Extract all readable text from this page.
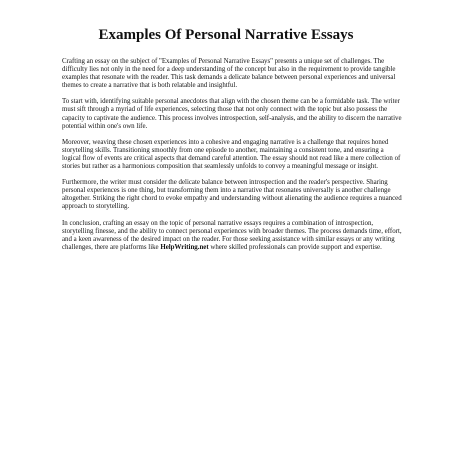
Examples Of Personal Narrative Essays

Crafting an essay on the subject of "Examples of Personal Narrative Essays" presents a unique set of challenges. The difficulty lies not only in the need for a deep understanding of the concept but also in the requirement to provide tangible examples that resonate with the reader. This task demands a delicate balance between personal experiences and universal themes to create a narrative that is both relatable and insightful.

To start with, identifying suitable personal anecdotes that align with the chosen theme can be a formidable task. The writer must sift through a myriad of life experiences, selecting those that not only connect with the topic but also possess the capacity to captivate the audience. This process involves introspection, self-analysis, and the ability to discern the narrative potential within one's own life.

Moreover, weaving these chosen experiences into a cohesive and engaging narrative is a challenge that requires honed storytelling skills. Transitioning smoothly from one episode to another, maintaining a consistent tone, and ensuring a logical flow of events are critical aspects that demand careful attention. The essay should not read like a mere collection of stories but rather as a harmonious composition that seamlessly unfolds to convey a meaningful message or insight.

Furthermore, the writer must consider the delicate balance between introspection and the reader's perspective. Sharing personal experiences is one thing, but transforming them into a narrative that resonates universally is another challenge altogether. Striking the right chord to evoke empathy and understanding without alienating the audience requires a nuanced approach to storytelling.

In conclusion, crafting an essay on the topic of personal narrative essays requires a combination of introspection, storytelling finesse, and the ability to connect personal experiences with broader themes. The process demands time, effort, and a keen awareness of the desired impact on the reader. For those seeking assistance with similar essays or any writing challenges, there are platforms like HelpWriting.net where skilled professionals can provide support and expertise.
